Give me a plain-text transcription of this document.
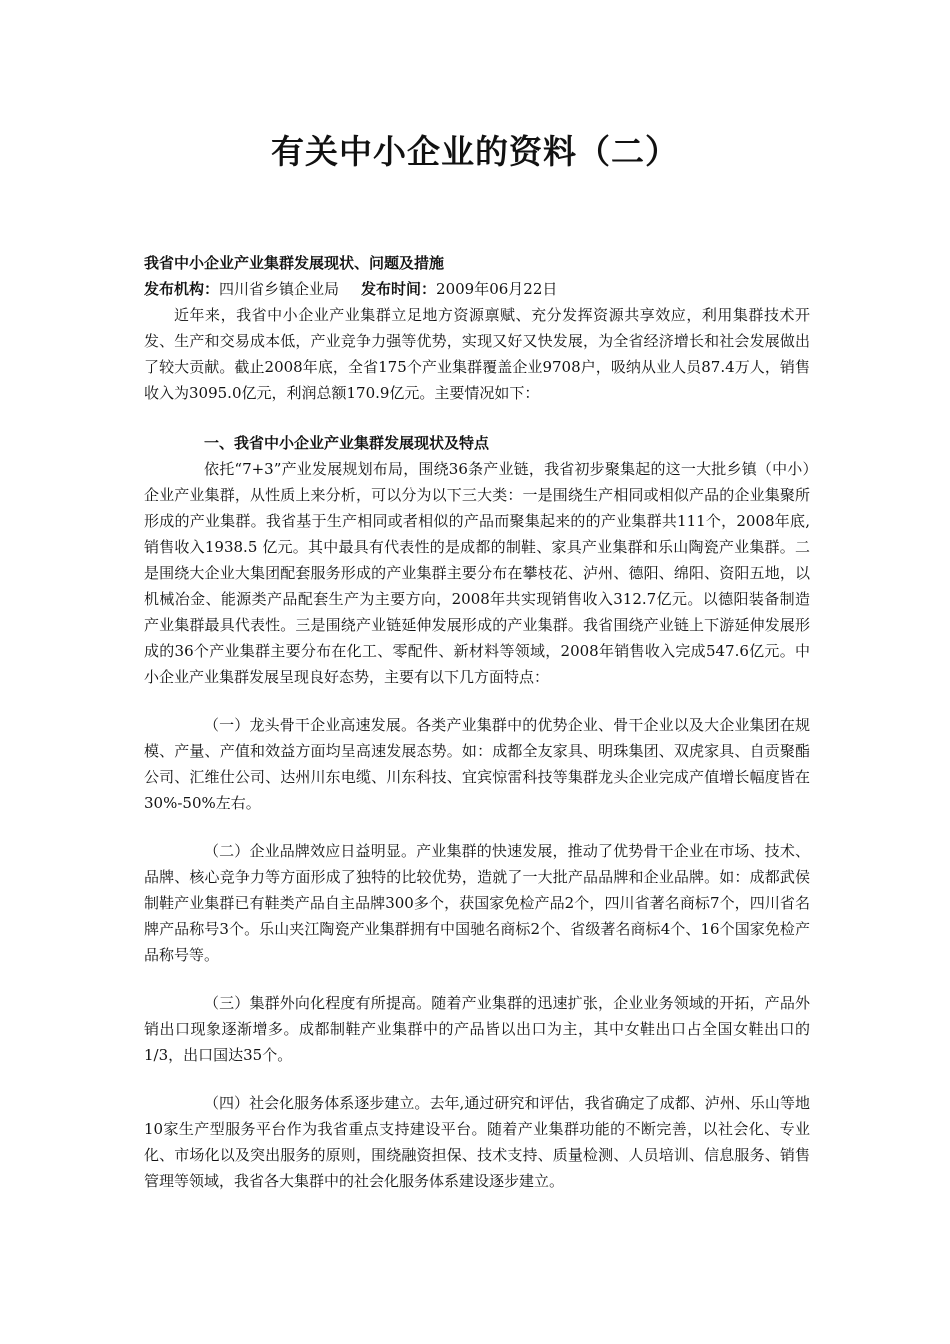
有关中小企业的资料（二）

我省中小企业产业集群发展现状、问题及措施

发布机构：四川省乡镇企业局 发布时间：2009年06月22日

近年来，我省中小企业产业集群立足地方资源禀赋、充分发挥资源共享效应，利用集群技术开发、生产和交易成本低，产业竞争力强等优势，实现又好又快发展，为全省经济增长和社会发展做出了较大贡献。截止2008年底，全省175个产业集群覆盖企业9708户，吸纳从业人员87.4万人，销售收入为3095.0亿元，利润总额170.9亿元。主要情况如下：

一、我省中小企业产业集群发展现状及特点

依托“7+3”产业发展规划布局，围绕36条产业链，我省初步聚集起的这一大批乡镇（中小）企业产业集群，从性质上来分析，可以分为以下三大类：一是围绕生产相同或相似产品的企业集聚所形成的产业集群。我省基于生产相同或者相似的产品而聚集起来的的产业集群共111个，2008年底,销售收入1938.5 亿元。其中最具有代表性的是成都的制鞋、家具产业集群和乐山陶瓷产业集群。二是围绕大企业大集团配套服务形成的产业集群主要分布在攀枝花、泸州、德阳、绵阳、资阳五地，以机械冶金、能源类产品配套生产为主要方向，2008年共实现销售收入312.7亿元。以德阳装备制造产业集群最具代表性。三是围绕产业链延伸发展形成的产业集群。我省围绕产业链上下游延伸发展形成的36个产业集群主要分布在化工、零配件、新材料等领域，2008年销售收入完成547.6亿元。中小企业产业集群发展呈现良好态势，主要有以下几方面特点：

（一）龙头骨干企业高速发展。各类产业集群中的优势企业、骨干企业以及大企业集团在规模、产量、产值和效益方面均呈高速发展态势。如：成都全友家具、明珠集团、双虎家具、自贡聚酯公司、汇维仕公司、达州川东电缆、川东科技、宜宾惊雷科技等集群龙头企业完成产值增长幅度皆在30%-50%左右。

（二）企业品牌效应日益明显。产业集群的快速发展，推动了优势骨干企业在市场、技术、品牌、核心竞争力等方面形成了独特的比较优势，造就了一大批产品品牌和企业品牌。如：成都武侯制鞋产业集群已有鞋类产品自主品牌300多个，获国家免检产品2个，四川省著名商标7个，四川省名牌产品称号3个。乐山夹江陶瓷产业集群拥有中国驰名商标2个、省级著名商标4个、16个国家免检产品称号等。

（三）集群外向化程度有所提高。随着产业集群的迅速扩张，企业业务领域的开拓，产品外销出口现象逐渐增多。成都制鞋产业集群中的产品皆以出口为主，其中女鞋出口占全国女鞋出口的1/3，出口国达35个。

（四）社会化服务体系逐步建立。去年,通过研究和评估，我省确定了成都、泸州、乐山等地10家生产型服务平台作为我省重点支持建设平台。随着产业集群功能的不断完善，以社会化、专业化、市场化以及突出服务的原则，围绕融资担保、技术支持、质量检测、人员培训、信息服务、销售管理等领域，我省各大集群中的社会化服务体系建设逐步建立。
